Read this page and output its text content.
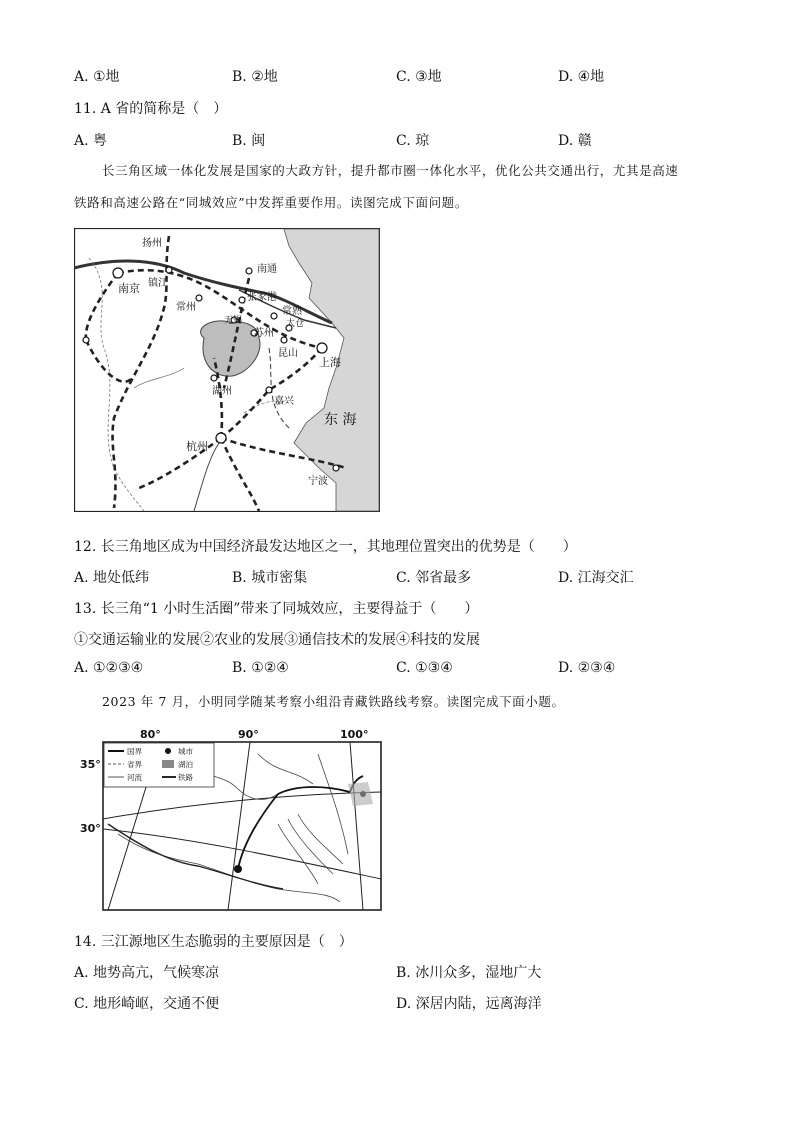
A. ①地	B. ②地	C. ③地	D. ④地
11. A 省的简称是（　）
A. 粤	B. 闽	C. 琼	D. 赣
长三角区域一体化发展是国家的大政方针，提升都市圈一体化水平，优化公共交通出行，尤其是高速
铁路和高速公路在“同城效应”中发挥重要作用。读图完成下面问题。
扬州
南京 镇江
南通
常州
张家港
常熟
无锡	太仓
苏州
昆山
上海
湖州
嘉兴
东 海
杭州
宁波
12. 长三角地区成为中国经济最发达地区之一，其地理位置突出的优势是（　　）
A. 地处低纬	B. 城市密集	C. 邻省最多	D. 江海交汇
13. 长三角“1 小时生活圈”带来了同城效应，主要得益于（　　）
①交通运输业的发展②农业的发展③通信技术的发展④科技的发展
A. ①②③④	B. ①②④	C. ①③④	D. ②③④
2023 年 7 月，小明同学随某考察小组沿青藏铁路线考察。读图完成下面小题。
80°	90°	100°
35°
30°
国界	城市
省界	湖泊
河流	铁路
14. 三江源地区生态脆弱的主要原因是（　）
A. 地势高亢，气候寒凉	B. 冰川众多，湿地广大
C. 地形崎岖，交通不便	D. 深居内陆，远离海洋
